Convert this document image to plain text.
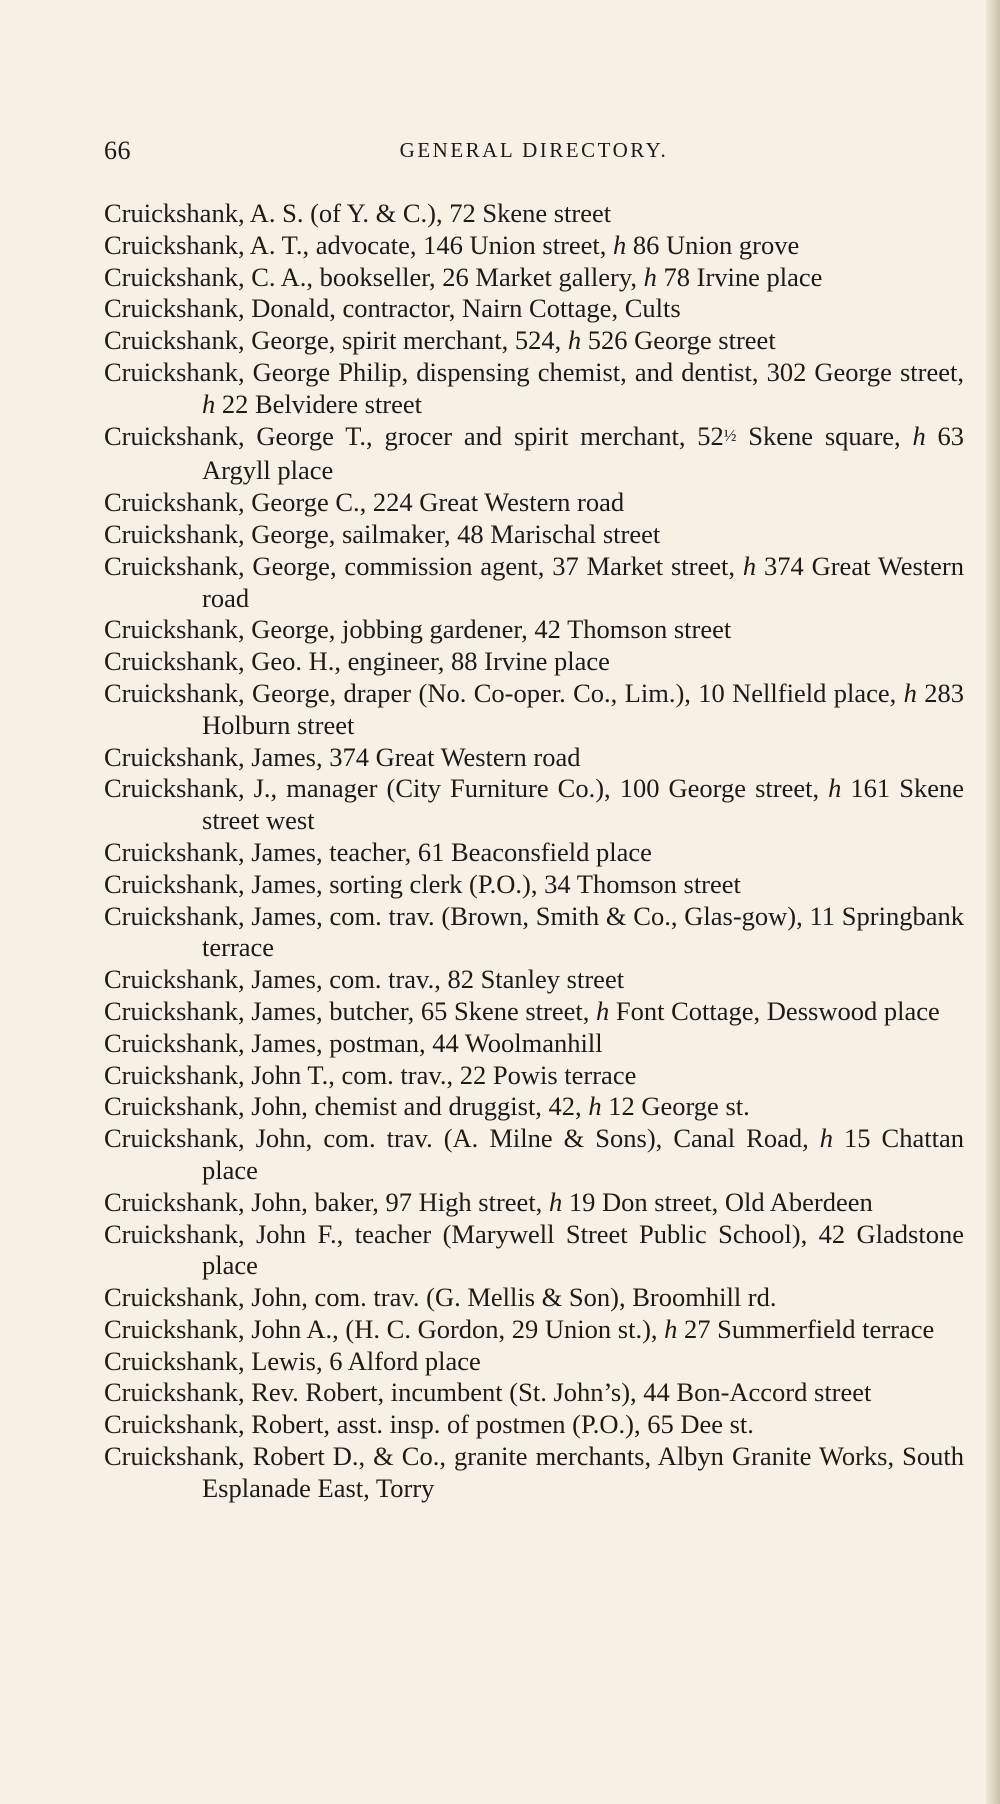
66	GENERAL DIRECTORY.
Cruickshank, A. S. (of Y. & C.), 72 Skene street
Cruickshank, A. T., advocate, 146 Union street, h 86 Union grove
Cruickshank, C. A., bookseller, 26 Market gallery, h 78 Irvine place
Cruickshank, Donald, contractor, Nairn Cottage, Cults
Cruickshank, George, spirit merchant, 524, h 526 George street
Cruickshank, George Philip, dispensing chemist, and dentist, 302 George street, h 22 Belvidere street
Cruickshank, George T., grocer and spirit merchant, 52½ Skene square, h 63 Argyll place
Cruickshank, George C., 224 Great Western road
Cruickshank, George, sailmaker, 48 Marischal street
Cruickshank, George, commission agent, 37 Market street, h 374 Great Western road
Cruickshank, George, jobbing gardener, 42 Thomson street
Cruickshank, Geo. H., engineer, 88 Irvine place
Cruickshank, George, draper (No. Co-oper. Co., Lim.), 10 Nellfield place, h 283 Holburn street
Cruickshank, James, 374 Great Western road
Cruickshank, J., manager (City Furniture Co.), 100 George street, h 161 Skene street west
Cruickshank, James, teacher, 61 Beaconsfield place
Cruickshank, James, sorting clerk (P.O.), 34 Thomson street
Cruickshank, James, com. trav. (Brown, Smith & Co., Glas-gow), 11 Springbank terrace
Cruickshank, James, com. trav., 82 Stanley street
Cruickshank, James, butcher, 65 Skene street, h Font Cottage, Desswood place
Cruickshank, James, postman, 44 Woolmanhill
Cruickshank, John T., com. trav., 22 Powis terrace
Cruickshank, John, chemist and druggist, 42, h 12 George st.
Cruickshank, John, com. trav. (A. Milne & Sons), Canal Road, h 15 Chattan place
Cruickshank, John, baker, 97 High street, h 19 Don street, Old Aberdeen
Cruickshank, John F., teacher (Marywell Street Public School), 42 Gladstone place
Cruickshank, John, com. trav. (G. Mellis & Son), Broomhill rd.
Cruickshank, John A., (H. C. Gordon, 29 Union st.), h 27 Summerfield terrace
Cruickshank, Lewis, 6 Alford place
Cruickshank, Rev. Robert, incumbent (St. John’s), 44 Bon-Accord street
Cruickshank, Robert, asst. insp. of postmen (P.O.), 65 Dee st.
Cruickshank, Robert D., & Co., granite merchants, Albyn Granite Works, South Esplanade East, Torry
